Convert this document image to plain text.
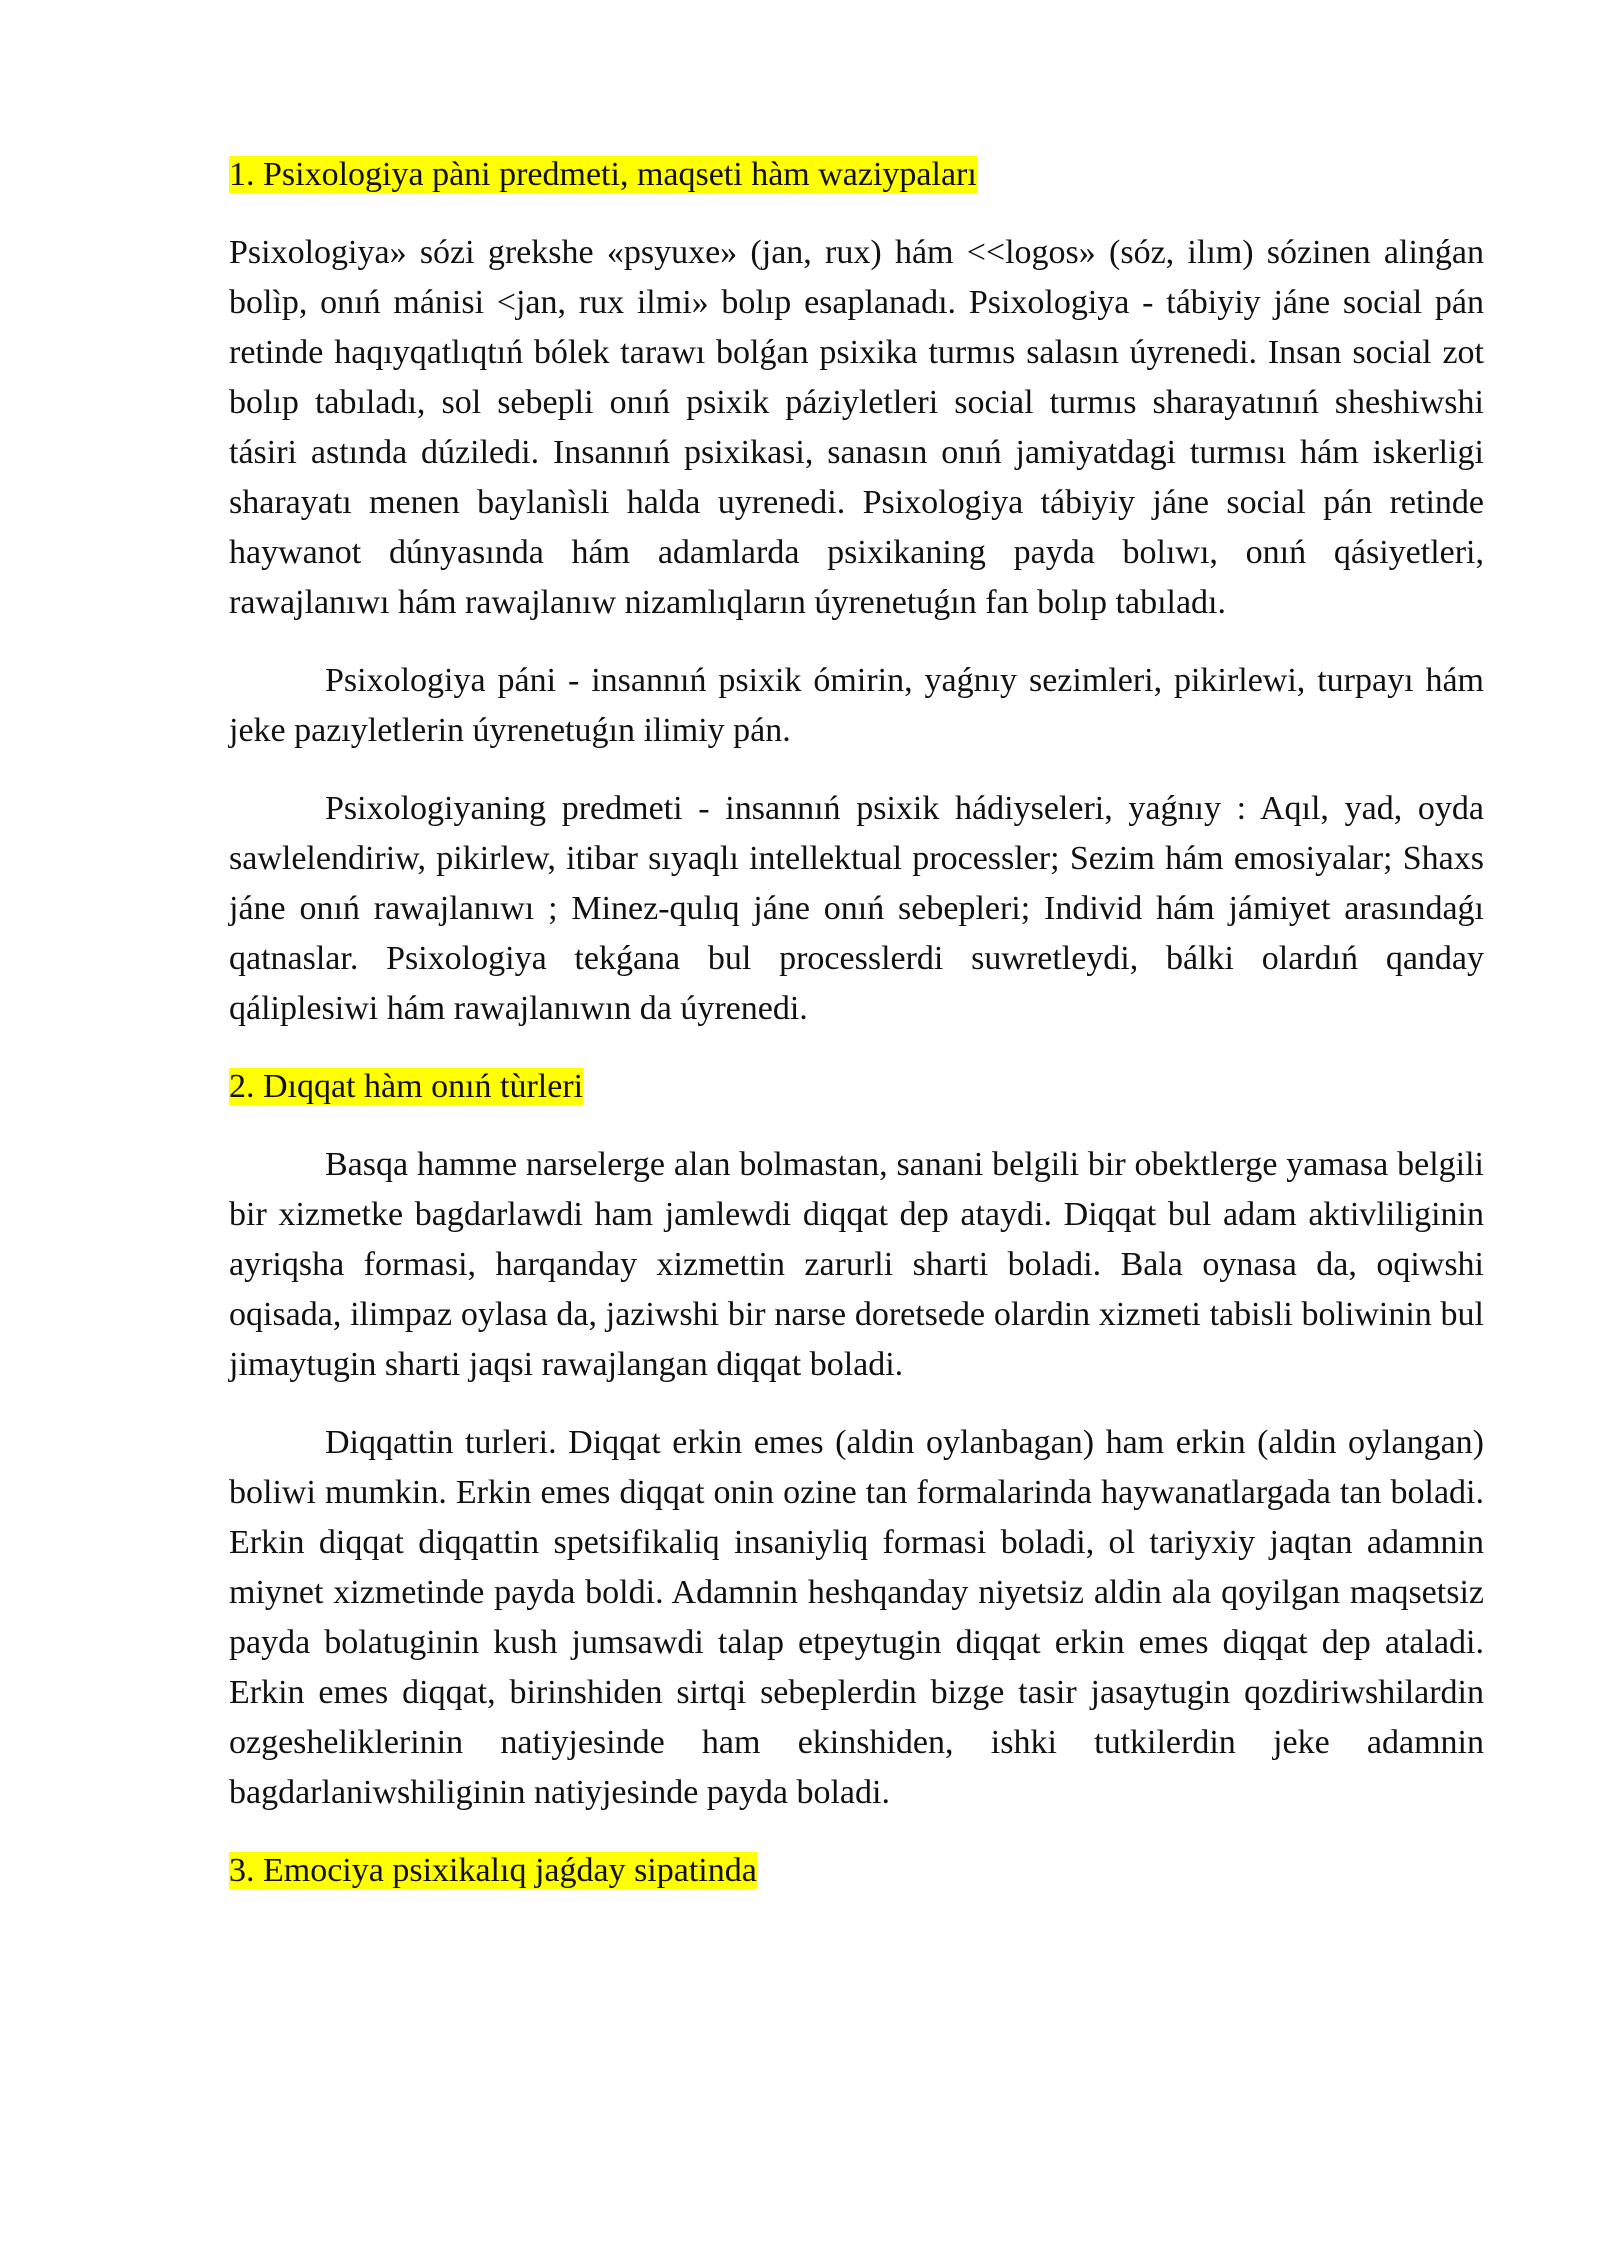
1. Psixologiya pàni predmeti, maqseti hàm waziypaları

Psixologiya» sózi grekshe «psyuxe» (jan, rux) hám <<logos» (sóz, ilım) sózinen alinǵan bolìp, onıń mánisi <jan, rux ilmi» bolıp esaplanadı. Psixologiya - tábiyiy jáne social pán retinde haqıyqatlıqtıń bólek tarawı bolǵan psixika turmıs salasın úyrenedi. Insan social zot bolıp tabıladı, sol sebepli onıń psixik páziyletleri social turmıs sharayatınıń sheshiwshi tásiri astında dúziledi. Insannıń psixikasi, sanasın onıń jamiyatdagi turmısı hám iskerligi sharayatı menen baylanìsli halda uyrenedi. Psixologiya tábiyiy jáne social pán retinde haywanot dúnyasında hám adamlarda psixikaning payda bolıwı, onıń qásiyetleri, rawajlanıwı hám rawajlanıw nizamlıqların úyrenetuǵın fan bolıp tabıladı.

Psixologiya páni - insannıń psixik ómirin, yaǵnıy sezimleri, pikirlewi, turpayı hám jeke pazıyletlerin úyrenetuǵın ilimiy pán.

Psixologiyaning predmeti - insannıń psixik hádiyseleri, yaǵnıy : Aqıl, yad, oyda sawlelendiriw, pikirlew, itibar sıyaqlı intellektual processler; Sezim hám emosiyalar; Shaxs jáne onıń rawajlanıwı ; Minez-qulıq jáne onıń sebepleri; Individ hám jámiyet arasındaǵı qatnaslar. Psixologiya tekǵana bul processlerdi suwretleydi, bálki olardıń qanday qáliplesiwi hám rawajlanıwın da úyrenedi.

2. Dıqqat hàm onıń tùrleri

Basqa hamme narselerge alan bolmastan, sanani belgili bir obektlerge yamasa belgili bir xizmetke bagdarlawdi ham jamlewdi diqqat dep ataydi. Diqqat bul adam aktivliliginin ayriqsha formasi, harqanday xizmettin zarurli sharti boladi. Bala oynasa da, oqiwshi oqisada, ilimpaz oylasa da, jaziwshi bir narse doretsede olardin xizmeti tabisli boliwinin bul jimaytugin sharti jaqsi rawajlangan diqqat boladi.

Diqqattin turleri. Diqqat erkin emes (aldin oylanbagan) ham erkin (aldin oylangan) boliwi mumkin. Erkin emes diqqat onin ozine tan formalarinda haywanatlargada tan boladi. Erkin diqqat diqqattin spetsifikaliq insaniyliq formasi boladi, ol tariyxiy jaqtan adamnin miynet xizmetinde payda boldi. Adamnin heshqanday niyetsiz aldin ala qoyilgan maqsetsiz payda bolatuginin kush jumsawdi talap etpeytugin diqqat erkin emes diqqat dep ataladi. Erkin emes diqqat, birinshiden sirtqi sebeplerdin bizge tasir jasaytugin qozdiriwshilardin ozgesheliklerinin natiyjesinde ham ekinshiden, ishki tutkilerdin jeke adamnin bagdarlaniwshiliginin natiyjesinde payda boladi.

3. Emociya psixikalıq jaǵday sipatinda
